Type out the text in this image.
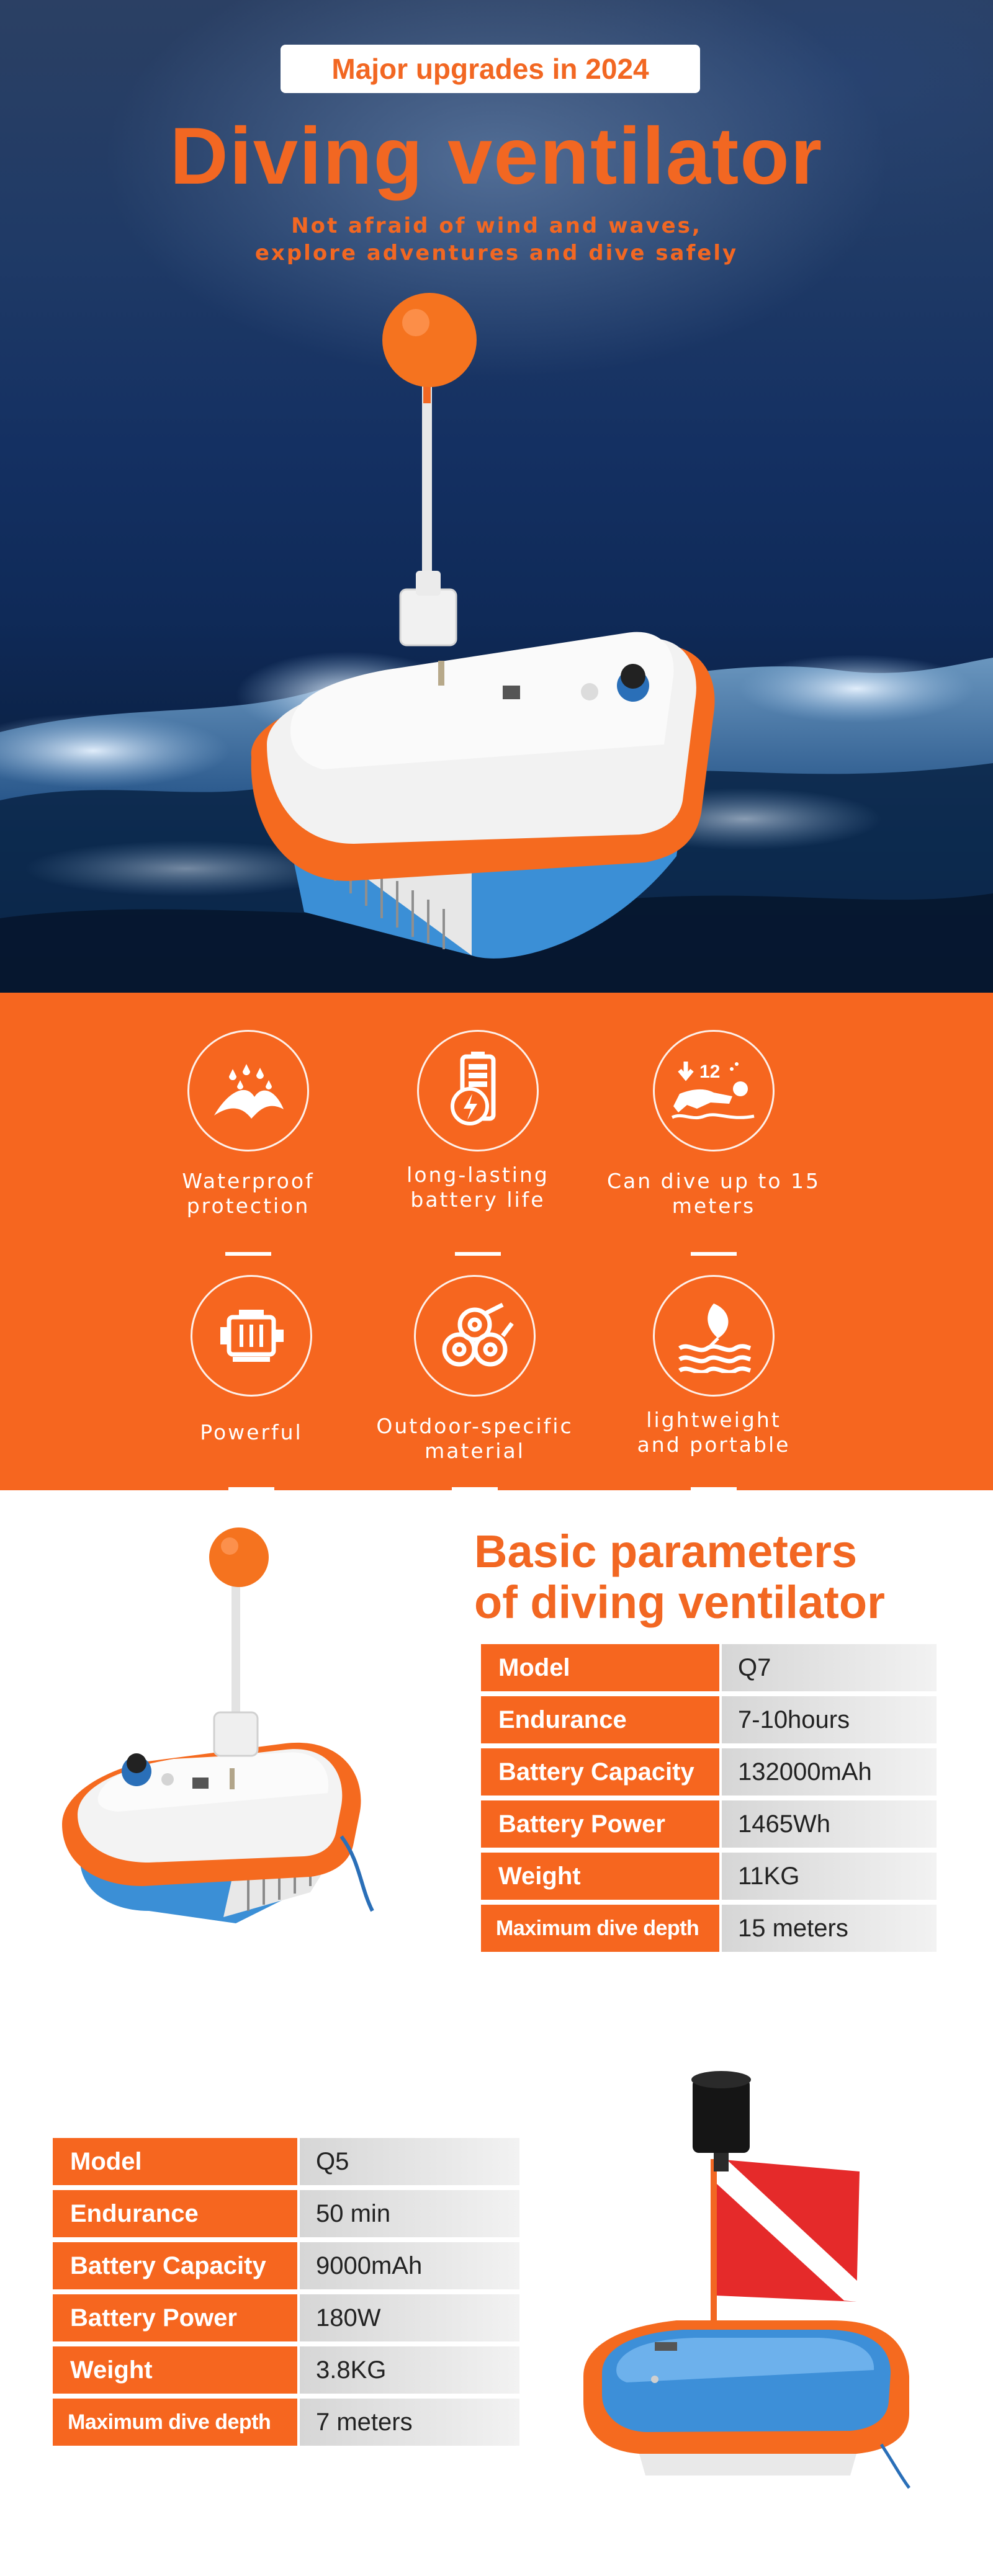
Major upgrades in 2024
Diving ventilator
Not afraid of wind and waves,
explore adventures and dive safely
Waterproof protection
long-lasting
battery life
12
Can dive up to 15 meters
Powerful	Outdoor-specific
material
lightweight
and portable
Basic parameters
of diving ventilator
Model	Q7
Endurance	7-10hours
Battery Capacity	132000mAh
Battery Power	1465Wh
Weight	11KG
Maximum dive depth	15 meters
Model	Q5
Endurance	50 min
Battery Capacity	9000mAh
Battery Power	180W
Weight	3.8KG
Maximum dive depth	7 meters
